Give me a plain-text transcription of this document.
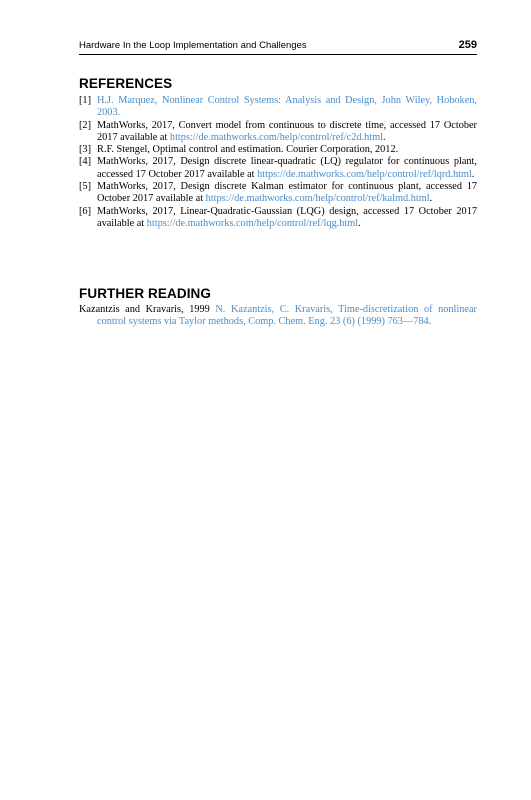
Hardware In the Loop Implementation and Challenges	259
REFERENCES
[1] H.J. Marquez, Nonlinear Control Systems: Analysis and Design, John Wiley, Hoboken, 2003.
[2] MathWorks, 2017, Convert model from continuous to discrete time, accessed 17 October 2017 available at https://de.mathworks.com/help/control/ref/c2d.html.
[3] R.F. Stengel, Optimal control and estimation. Courier Corporation, 2012.
[4] MathWorks, 2017, Design discrete linear-quadratic (LQ) regulator for continuous plant, accessed 17 October 2017 available at https://de.mathworks.com/help/control/ref/lqrd.html.
[5] MathWorks, 2017, Design discrete Kalman estimator for continuous plant, accessed 17 October 2017 available at https://de.mathworks.com/help/control/ref/kalmd.html.
[6] MathWorks, 2017, Linear-Quadratic-Gaussian (LQG) design, accessed 17 October 2017 available at https://de.mathworks.com/help/control/ref/lqg.html.
FURTHER READING
Kazantzis and Kravaris, 1999 N. Kazantzis, C. Kravaris, Time-discretization of nonlinear control systems via Taylor methods, Comp. Chem. Eng. 23 (6) (1999) 763—784.
